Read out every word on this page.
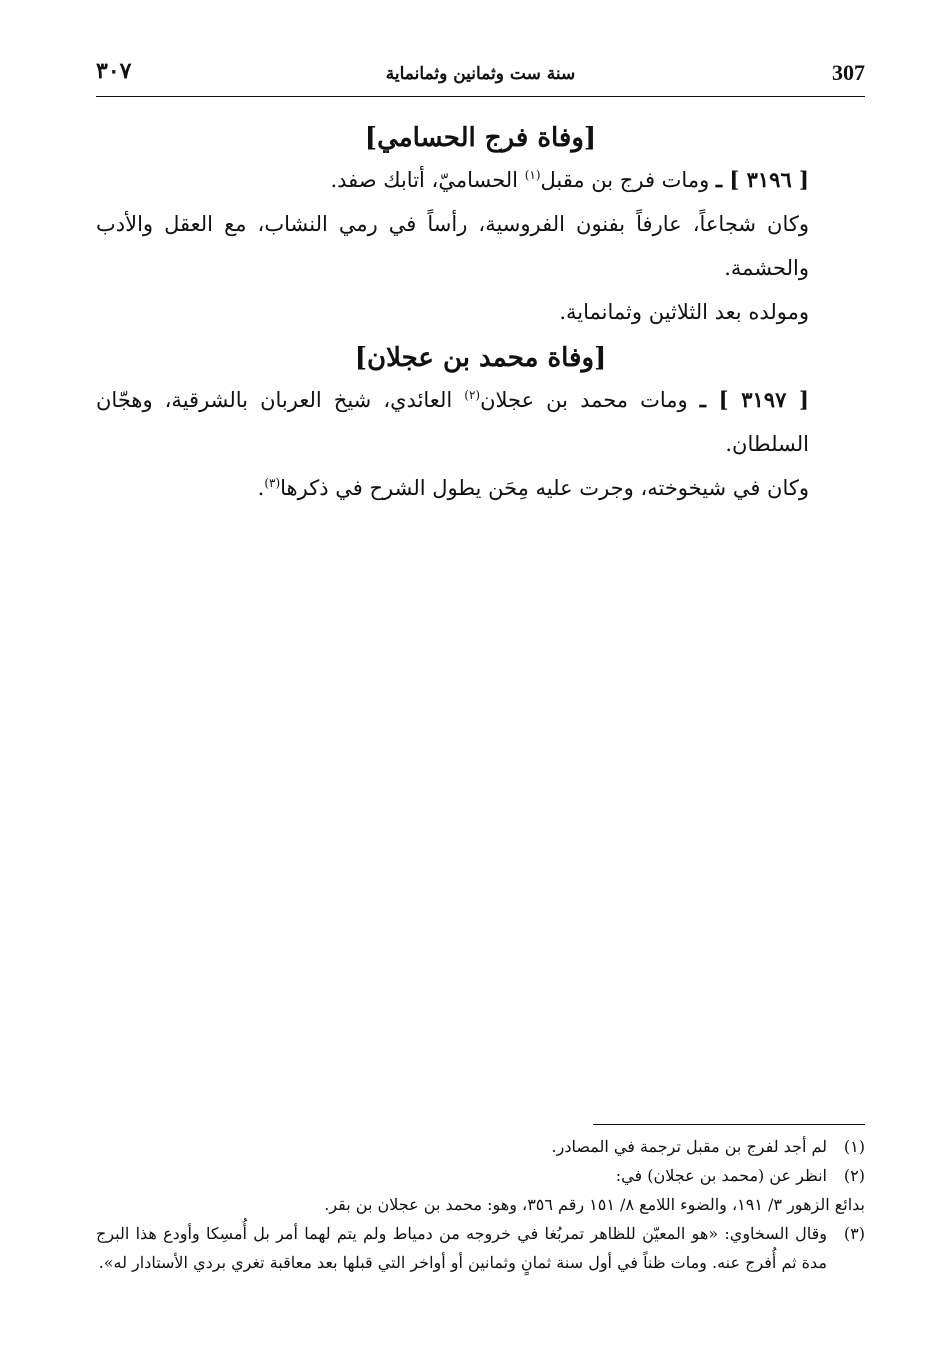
307
سنة ست وثمانين وثمانماية
٣٠٧
[وفاة فرج الحسامي]

[ ٣١٩٦ ] ـ ومات فرج بن مقبل$^{(١)}$ الحساميّ، أتابك صفد.

وكان شجاعاً، عارفاً بفنون الفروسية، رأساً في رمي النشاب، مع العقل والأدب والحشمة.

ومولده بعد الثلاثين وثمانماية.

[وفاة محمد بن عجلان]

[ ٣١٩٧ ] ـ ومات محمد بن عجلان$^{(٢)}$ العائدي، شيخ العربان بالشرقية، وهجّان السلطان.

وكان في شيخوخته، وجرت عليه مِحَن يطول الشرح في ذكرها$^{(٣)}$.

(١)
لم أجد لفرج بن مقبل ترجمة في المصادر.
(٢)
انظر عن (محمد بن عجلان) في:
بدائع الزهور ٣/ ١٩١، والضوء اللامع ٨/ ١٥١ رقم ٣٥٦، وهو: محمد بن عجلان بن بقر.
(٣)
وقال السخاوي: «هو المعيّن للظاهر تمربُغا في خروجه من دمياط ولم يتم لهما أمر بل أُمسِكا وأودع هذا البرج مدة ثم أُفرج عنه. ومات ظناً في أول سنة ثمانٍ وثمانين أو أواخر التي قبلها بعد معاقبة تغري بردي الأستادار له».
